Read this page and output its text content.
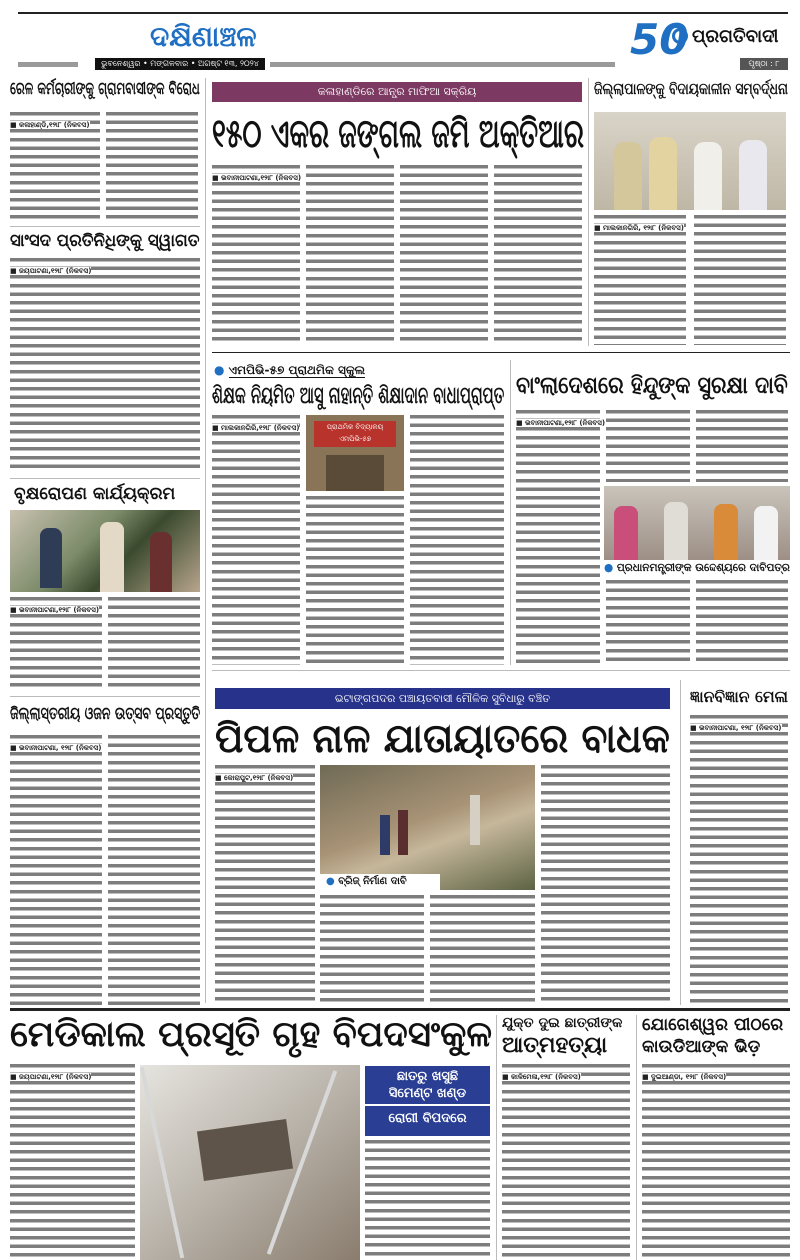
ଦକ୍ଷିଣାଞ୍ଚଳ
ଭୁବନେଶ୍ୱର • ମଙ୍ଗଳବାର • ଅଗଷ୍ଟ ୧୩, ୨୦୨୪	50 ପ୍ରଗତିବାଦୀ
ପୃଷ୍ଠା : ୮
ରେଳ କର୍ମଚାରୀଙ୍କୁ ଗ୍ରାମବାସୀଙ୍କ ବିରୋଧ
■ କଳାହାଣ୍ଡି,୧୨ା୮ (ନିକବସ)
ସାଂସଦ ପ୍ରତିନିଧିଙ୍କୁ ସ୍ୱାଗତ
■ ଜୟପାଟଣା,୧୨ା୮ (ନିକବସ)
ବୃକ୍ଷରୋପଣ କାର୍ଯ୍ୟକ୍ରମ
■ ଭବାନୀପାଟଣା,୧୨ା୮ (ନିକବସ)
ଜିଲ୍ଲାସ୍ତରୀୟ ଓଜନ ଉତ୍ସବ ପ୍ରସ୍ତୁତି
■ ଭବାନୀପାଟଣା, ୧୨ା୮ (ନିକବସ)
କଳାହାଣ୍ଡିରେ ଆନ୍ଧ୍ର ମାଫିଆ ସକ୍ରିୟ
୧୫୦ ଏକର ଜଙ୍ଗଲ ଜମି ଅକ୍ତିଆର
■ ଭବାନୀପାଟଣା,୧୨ା୮ (ନିକବସ)
ଜିଲ୍ଲାପାଳଙ୍କୁ ବିଦାୟକାଳୀନ ସମ୍ବର୍ଦ୍ଧନା
■ ମାଲକାନଗିରି, ୧୨ା୮ (ନିକବସ)
● ଏମପିଭି-୫୭ ପ୍ରାଥମିକ ସ୍କୁଲ
ଶିକ୍ଷକ ନିୟମିତ ଆସୁ ନାହାନ୍ତି ଶିକ୍ଷାଦାନ ବାଧାପ୍ରାପ୍ତ
■ ମାଲକାନଗିରି,୧୨ା୮ (ନିକବସ)	ପ୍ରାଥମିକ ବିଦ୍ୟାଳୟ ଏମପିଭି-୫୭
ବାଂଲାଦେଶରେ ହିନ୍ଦୁଙ୍କ ସୁରକ୍ଷା ଦାବି
■ ଭବାନୀପାଟଣା,୧୨ା୮ (ନିକବସ)
● ପ୍ରଧାନମନ୍ତ୍ରୀଙ୍କ ଉଦ୍ଦେଶ୍ୟରେ ଦାବିପତ୍ର
ଭଟାଙ୍ଗପଦର ପଞ୍ଚାୟତବାସୀ ମୌଳିକ ସୁବିଧାରୁ ବଞ୍ଚିତ
ପିପଳ ନାଳ ଯାତାୟାତରେ ବାଧକ
■ କୋରାପୁଟ,୧୨ା୮ (ନିକବସ)
● ବ୍ରିଜ୍ ନିର୍ମାଣ ଦାବି
ଜ୍ଞାନବିଜ୍ଞାନ ମେଳା
■ ଭବାନୀପାଟଣା, ୧୨ା୮ (ନିକବସ)
ମେଡିକାଲ ପ୍ରସୂତି ଗୃହ ବିପଦସଂକୁଳ
■ ଜୟପାଟଣା,୧୨ା୮ (ନିକବସ)	ଛାତରୁ ଖସୁଛି
ସିମେଣ୍ଟ ଖଣ୍ଡ
ରୋଗୀ ବିପଦରେ
ଯୁକ୍ତ ଦୁଇ ଛାତ୍ରୀଙ୍କ
ଆତ୍ମହତ୍ୟା
■ କାଳିମେଳା,୧୨ା୮ (ନିକବସ)
ଯୋଗେଶ୍ୱର ପୀଠରେ
କାଉଡିଆଙ୍କ ଭିଡ଼
■ ଦୁଇଆଣ୍ଡା, ୧୨ା୮ (ନିକବସ)
